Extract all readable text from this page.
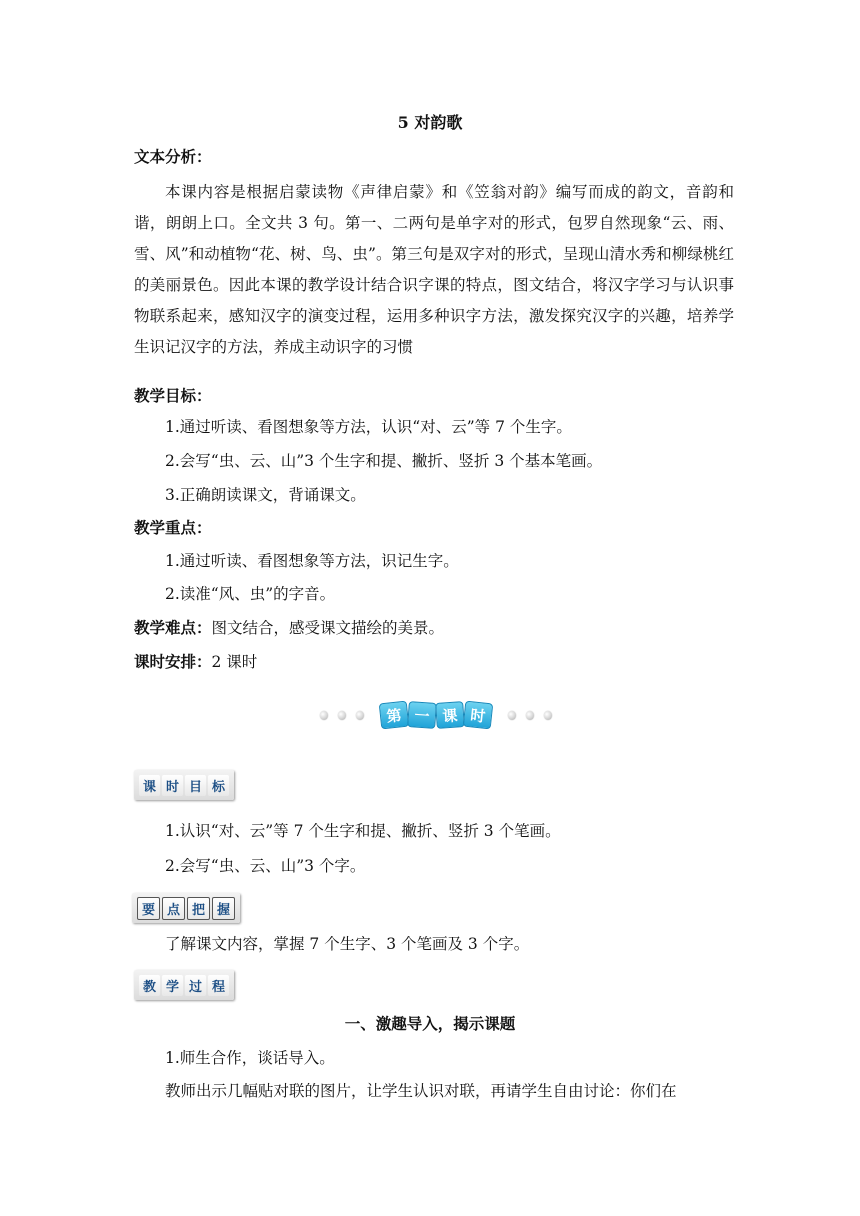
5 对韵歌
文本分析：
本课内容是根据启蒙读物《声律启蒙》和《笠翁对韵》编写而成的韵文，音韵和谐，朗朗上口。全文共 3 句。第一、二两句是单字对的形式，包罗自然现象“云、雨、雪、风”和动植物“花、树、鸟、虫”。第三句是双字对的形式，呈现山清水秀和柳绿桃红的美丽景色。因此本课的教学设计结合识字课的特点，图文结合，将汉字学习与认识事物联系起来，感知汉字的演变过程，运用多种识字方法，激发探究汉字的兴趣，培养学生识记汉字的方法，养成主动识字的习惯
教学目标：
1.通过听读、看图想象等方法，认识“对、云”等 7 个生字。
2.会写“虫、云、山”3 个生字和提、撇折、竖折 3 个基本笔画。
3.正确朗读课文，背诵课文。
教学重点：
1.通过听读、看图想象等方法，识记生字。
2.读准“风、虫”的字音。
教学难点：图文结合，感受课文描绘的美景。
课时安排：2 课时
第 一 课 时
课 时 目 标
1.认识“对、云”等 7 个生字和提、撇折、竖折 3 个笔画。
2.会写“虫、云、山”3 个字。
要 点 把 握
了解课文内容，掌握 7 个生字、3 个笔画及 3 个字。
教 学 过 程
一、激趣导入，揭示课题
1.师生合作，谈话导入。
教师出示几幅贴对联的图片，让学生认识对联，再请学生自由讨论：你们在
